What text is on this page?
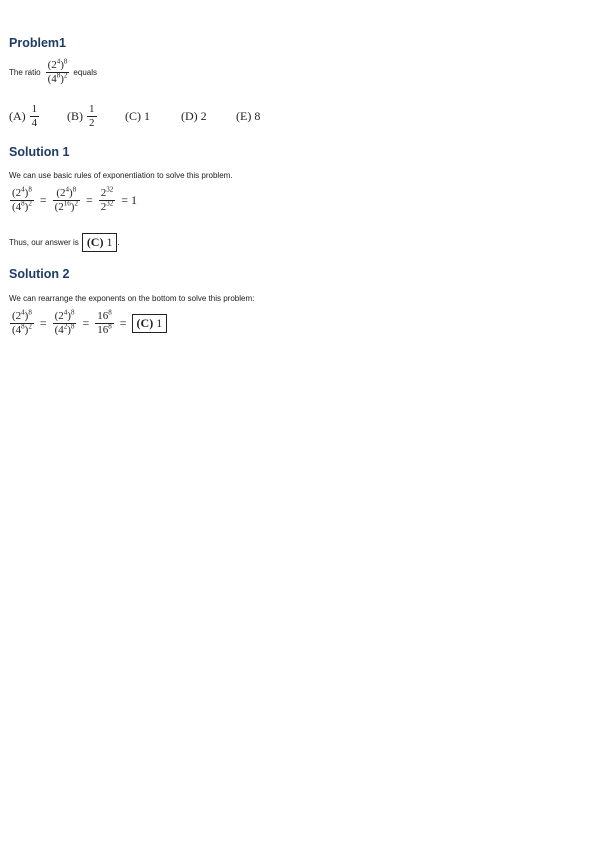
Problem1
The ratio $\frac{(2^4)^8}{(4^8)^2}$ equals
(A)
$\frac{1}{4} (B)$
$\frac{1}{2} (C)$
1	(D)
2 (E)
8
Solution 1

We can use basic rules of exponentiation to solve this problem.

$\frac{(2^4)^8}{(4^8)^2} = \frac{(2^4)^8}{(2^{16})^2} = \frac{2^{32}}{2^{32}} = 1$
Thus, our answer is (C) 1 .
Solution 2

We can rearrange the exponents on the bottom to solve this problem:

$\frac{(2^4)^8}{(4^8)^2} = \frac{(2^4)^8}{(4^2)^8} = \frac{16^8}{16^8} = (C)$ 1
